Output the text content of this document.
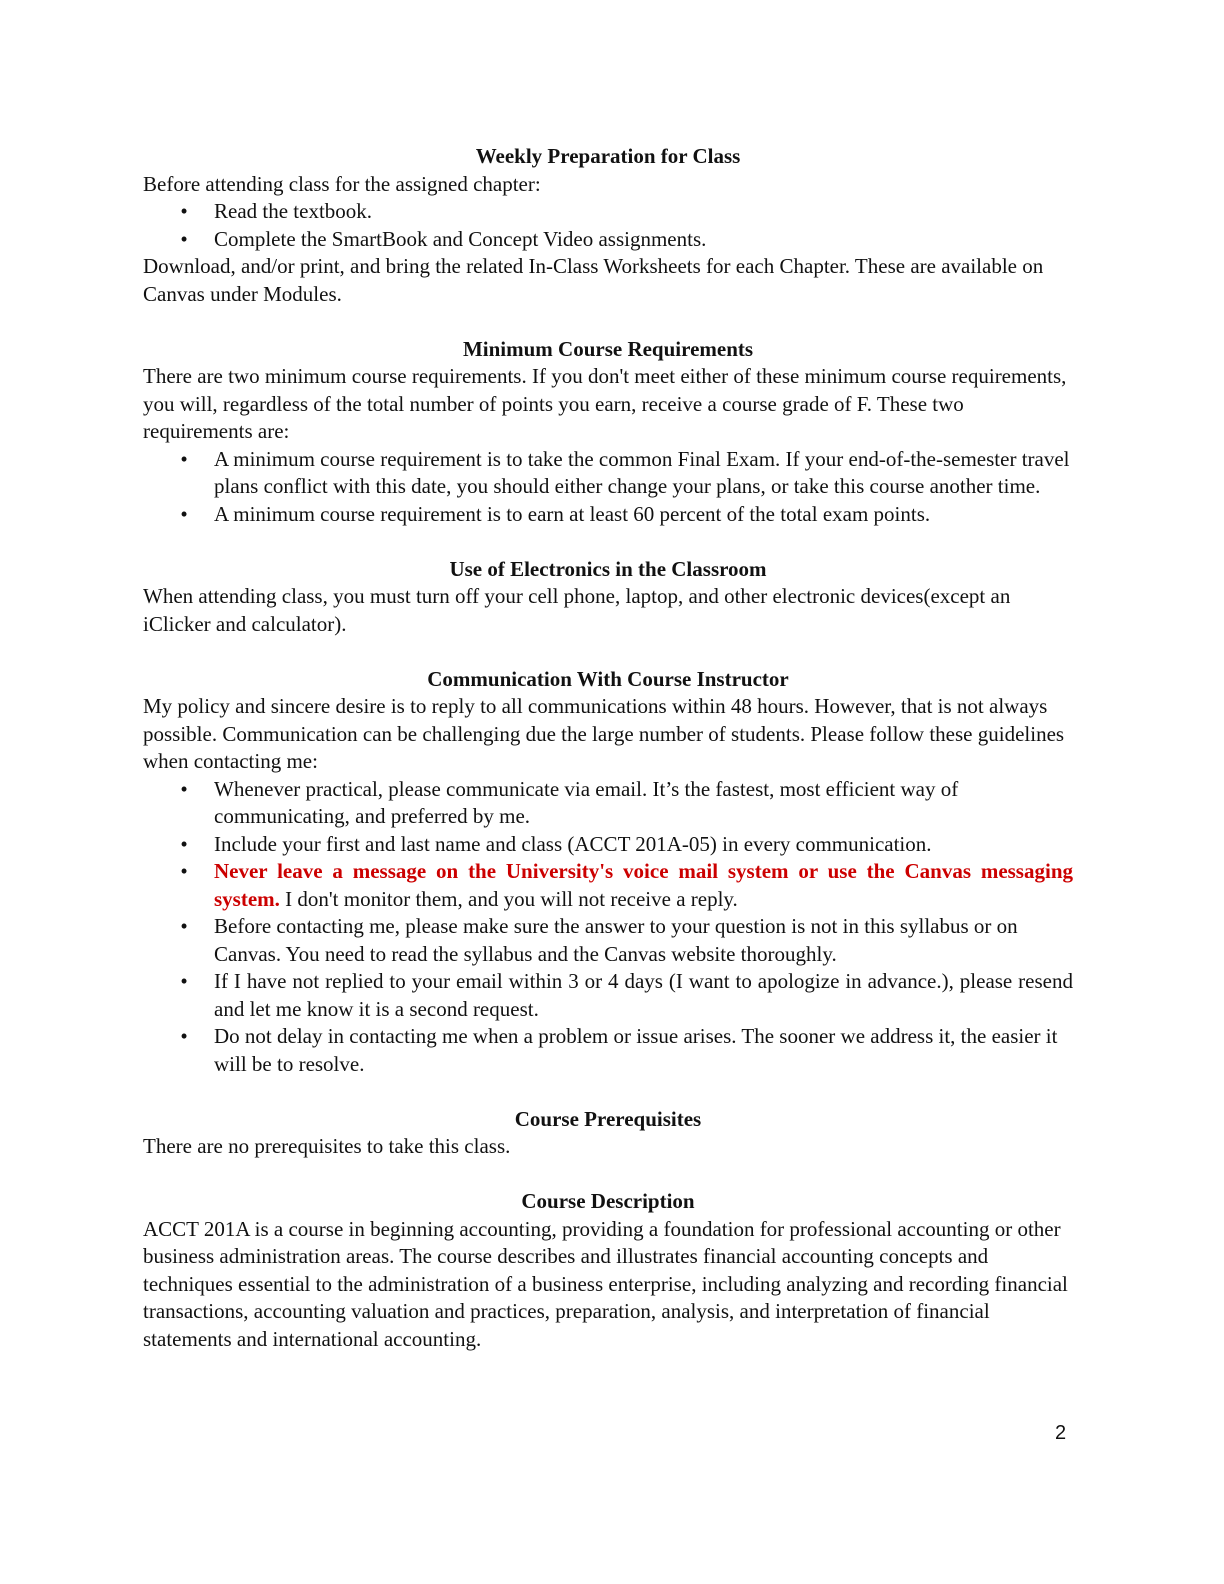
Weekly Preparation for Class

Before attending class for the assigned chapter:

• Read the textbook.
• Complete the SmartBook and Concept Video assignments.

Download, and/or print, and bring the related In-Class Worksheets for each Chapter. These are available on Canvas under Modules.

Minimum Course Requirements

There are two minimum course requirements. If you don't meet either of these minimum course requirements, you will, regardless of the total number of points you earn, receive a course grade of F. These two requirements are:

• A minimum course requirement is to take the common Final Exam. If your end-of-the-semester travel plans conflict with this date, you should either change your plans, or take this course another time.
• A minimum course requirement is to earn at least 60 percent of the total exam points.

Use of Electronics in the Classroom

When attending class, you must turn off your cell phone, laptop, and other electronic devices(except an iClicker and calculator).

Communication With Course Instructor

My policy and sincere desire is to reply to all communications within 48 hours. However, that is not always possible. Communication can be challenging due the large number of students. Please follow these guidelines when contacting me:

• Whenever practical, please communicate via email. It’s the fastest, most efficient way of communicating, and preferred by me.
• Include your first and last name and class (ACCT 201A-05) in every communication.
• Never leave a message on the University's voice mail system or use the Canvas messaging system. I don't monitor them, and you will not receive a reply.
• Before contacting me, please make sure the answer to your question is not in this syllabus or on Canvas. You need to read the syllabus and the Canvas website thoroughly.
• If I have not replied to your email within 3 or 4 days (I want to apologize in advance.), please resend and let me know it is a second request.
• Do not delay in contacting me when a problem or issue arises. The sooner we address it, the easier it will be to resolve.

Course Prerequisites

There are no prerequisites to take this class.

Course Description

ACCT 201A is a course in beginning accounting, providing a foundation for professional accounting or other business administration areas. The course describes and illustrates financial accounting concepts and techniques essential to the administration of a business enterprise, including analyzing and recording financial transactions, accounting valuation and practices, preparation, analysis, and interpretation of financial statements and international accounting.

2
